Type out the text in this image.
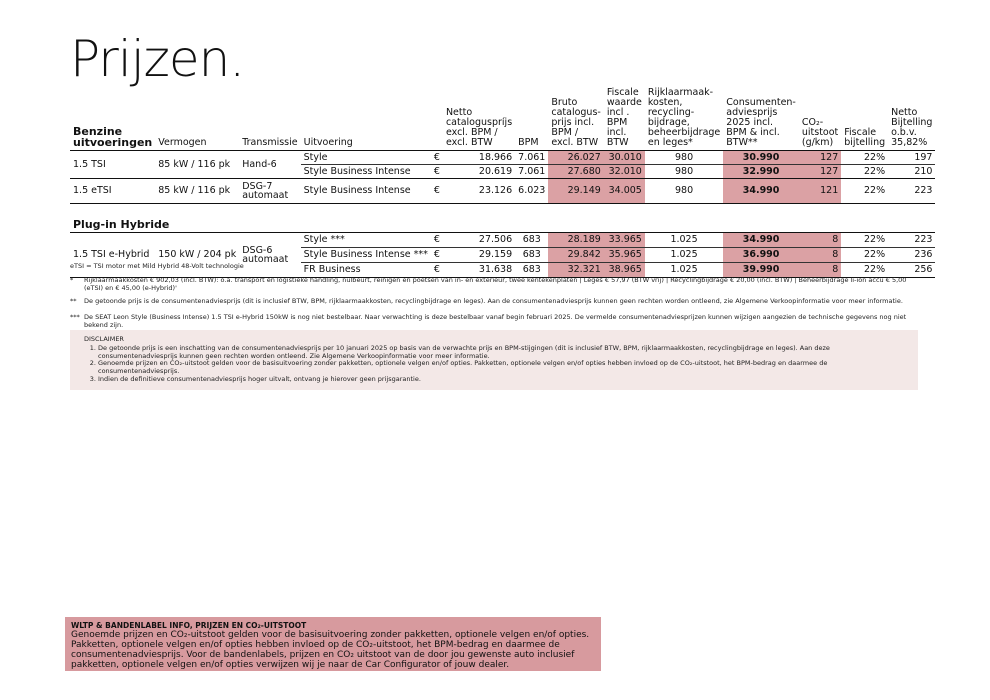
Prijzen.
Benzine uitvoeringen	Vermogen	Transmissie	Uitvoering		Netto cataloguspríjs excl. BPM / excl. BTW	BPM	Bruto catalogus-prijs incl. BPM / excl. BTW	Fiscale waarde incl . BPM incl. BTW	Rijklaarmaak-kosten, recycling-bijdrage, beheerbijdrage en leges*	Consumenten-adviesprijs 2025 incl. BPM & incl. BTW**	CO₂-uitstoot (g/km)	Fiscale bijtelling	Netto Bijtelling o.b.v. 35,82%
1.5 TSI	85 kW / 116 pk	Hand-6	Style	€	18.966	7.061	26.027	30.010	980	30.990	127	22%	197
			Style Business Intense	€	20.619	7.061	27.680	32.010	980	32.990	127	22%	210
1.5 eTSI	85 kW / 116 pk	DSG-7 automaat	Style Business Intense	€	23.126	6.023	29.149	34.005	980	34.990	121	22%	223
Plug-in Hybride													
1.5 TSI e-Hybrid	150 kW / 204 pk	DSG-6 automaat	Style ***	€	27.506	683	28.189	33.965	1.025	34.990	8	22%	223
			Style Business Intense ***	€	29.159	683	29.842	35.965	1.025	36.990	8	22%	236
			FR Business	€	31.638	683	32.321	38.965	1.025	39.990	8	22%	256
eTSI = TSI motor met Mild Hybrid 48-Volt technologie
*	Rijklaarmaakkosten € 902,03 (incl. BTW): o.a. transport en logistieke handling, nulbeurt, reinigen en poetsen van in- en exterieur, twee kentekenplaten | Leges € 57,97 (BTW vrij) | Recyclingbijdrage € 20,00 (incl. BTW) | Beheerbijdrage li-ion accu € 5,00 (eTSI) en € 45,00 (e-Hybrid)'
**	De getoonde prijs is de consumentenadviesprijs (dit is inclusief BTW, BPM, rijklaarmaakkosten, recyclingbijdrage en leges). Aan de consumentenadviesprijs kunnen geen rechten worden ontleend, zie Algemene Verkoopinformatie voor meer informatie.
*** De SEAT Leon Style (Business Intense) 1.5 TSI e-Hybrid 150kW is nog niet bestelbaar. Naar verwachting is deze bestelbaar vanaf begin februari 2025. De vermelde consumentenadviesprijzen kunnen wijzigen aangezien de technische gegevens nog niet bekend zijn.
DISCLAIMER
1. De getoonde prijs is een inschatting van de consumentenadviesprijs per 10 januari 2025 op basis van de verwachte prijs en BPM-stijgingen (dit is inclusief BTW, BPM, rijklaarmaakkosten, recyclingbijdrage en leges). Aan deze consumentenadviesprijs kunnen geen rechten worden ontleend. Zie Algemene Verkoopinformatie voor meer informatie.
2. Genoemde prijzen en CO₂-uitstoot gelden voor de basisuitvoering zonder pakketten, optionele velgen en/of opties. Pakketten, optionele velgen en/of opties hebben invloed op de CO₂-uitstoot, het BPM-bedrag en daarmee de consumentenadviesprijs.
3. Indien de definitieve consumentenadviesprijs hoger uitvalt, ontvang je hierover geen prijsgarantie.
WLTP & BANDENLABEL INFO, PRIJZEN EN CO₂-UITSTOOT
Genoemde prijzen en CO₂-uitstoot gelden voor de basisuitvoering zonder pakketten, optionele velgen en/of opties. Pakketten, optionele velgen en/of opties hebben invloed op de CO₂-uitstoot, het BPM-bedrag en daarmee de consumentenadviesprijs. Voor de bandenlabels, prijzen en CO₂ uitstoot van de door jou gewenste auto inclusief pakketten, optionele velgen en/of opties verwijzen wij je naar de Car Configurator of jouw dealer.
